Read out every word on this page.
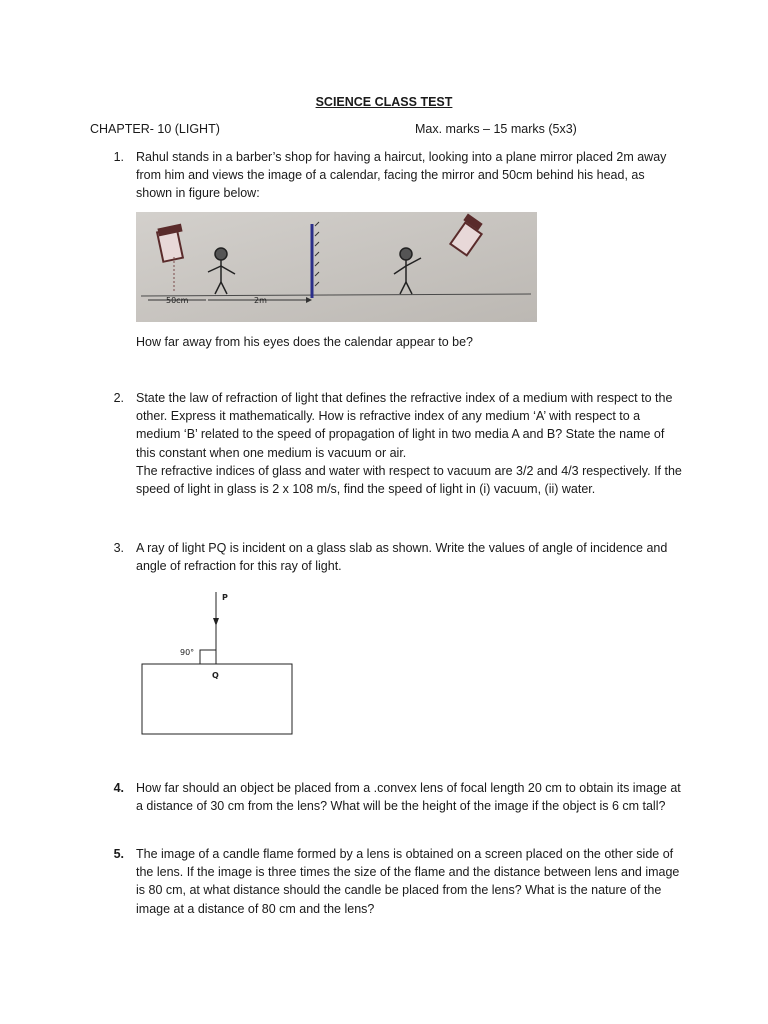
SCIENCE CLASS TEST
CHAPTER- 10 (LIGHT)	Max. marks – 15 marks (5x3)
1. Rahul stands in a barber’s shop for having a haircut, looking into a plane mirror placed 2m away from him and views the image of a calendar, facing the mirror and 50cm behind his head, as shown in figure below:
50cm	2m
How far away from his eyes does the calendar appear to be?
2. State the law of refraction of light that defines the refractive index of a medium with respect to the other. Express it mathematically. How is refractive index of any medium ‘A’ with respect to a medium ‘B’ related to the speed of propagation of light in two media A and B? State the name of this constant when one medium is vacuum or air.

The refractive indices of glass and water with respect to vacuum are 3/2 and 4/3 respectively. If the speed of light in glass is 2 x 108 m/s, find the speed of light in (i) vacuum, (ii) water.

3. A ray of light PQ is incident on a glass slab as shown. Write the values of angle of incidence and angle of refraction for this ray of light.
P
Q
90°
4. How far should an object be placed from a .convex lens of focal length 20 cm to obtain its image at a distance of 30 cm from the lens? What will be the height of the image if the object is 6 cm tall?
5. The image of a candle flame formed by a lens is obtained on a screen placed on the other side of the lens. If the image is three times the size of the flame and the distance between lens and image is 80 cm, at what distance should the candle be placed from the lens? What is the nature of the image at a distance of 80 cm and the lens?
